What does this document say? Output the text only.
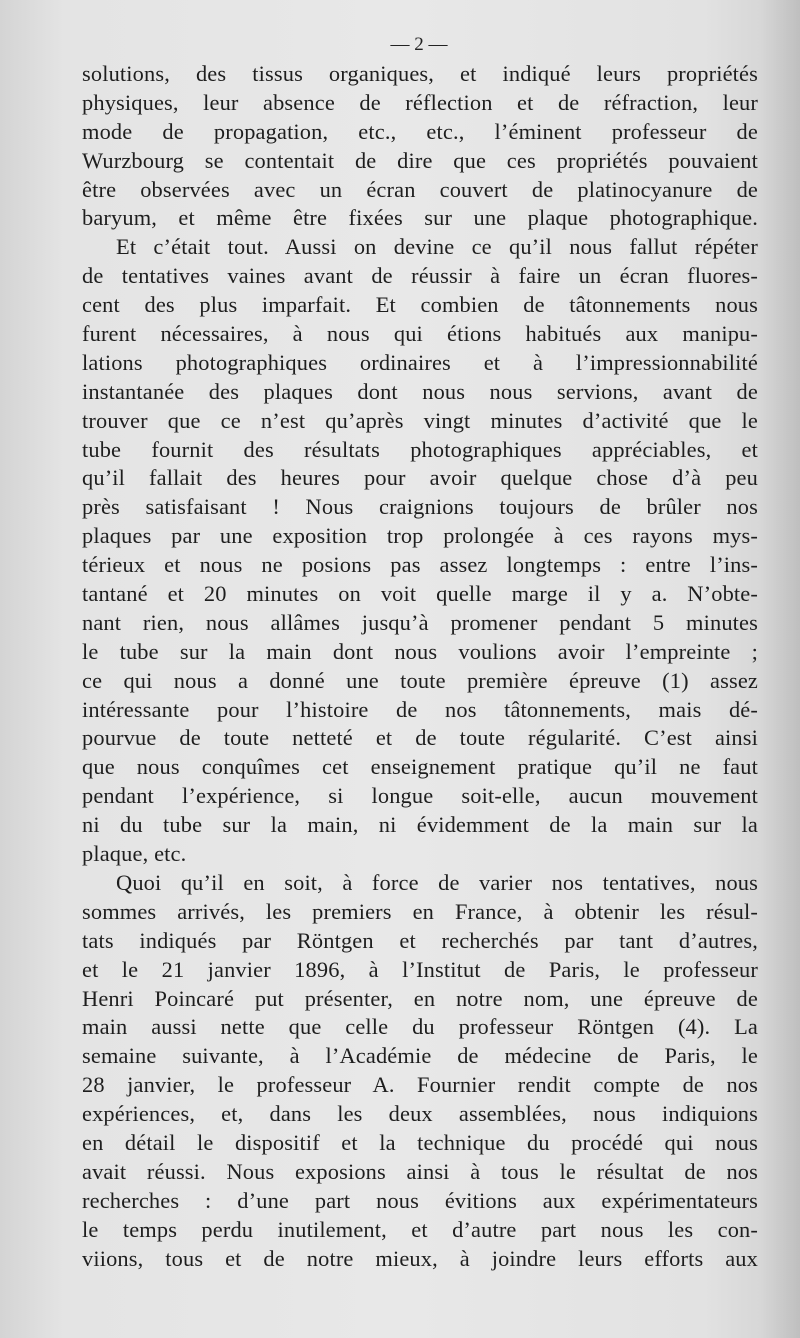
— 2 —
solutions, des tissus organiques, et indiqué leurs propriétés
physiques, leur absence de réflection et de réfraction, leur
mode de propagation, etc., etc., l’éminent professeur de
Wurzbourg se contentait de dire que ces propriétés pouvaient
être observées avec un écran couvert de platinocyanure de
baryum, et même être fixées sur une plaque photographique.
Et c’était tout. Aussi on devine ce qu’il nous fallut répéter
de tentatives vaines avant de réussir à faire un écran fluores-
cent des plus imparfait. Et combien de tâtonnements nous
furent nécessaires, à nous qui étions habitués aux manipu-
lations photographiques ordinaires et à l’impressionnabilité
instantanée des plaques dont nous nous servions, avant de
trouver que ce n’est qu’après vingt minutes d’activité que le
tube fournit des résultats photographiques appréciables, et
qu’il fallait des heures pour avoir quelque chose d’à peu
près satisfaisant ! Nous craignions toujours de brûler nos
plaques par une exposition trop prolongée à ces rayons mys-
térieux et nous ne posions pas assez longtemps : entre l’ins-
tantané et 20 minutes on voit quelle marge il y a. N’obte-
nant rien, nous allâmes jusqu’à promener pendant 5 minutes
le tube sur la main dont nous voulions avoir l’empreinte ;
ce qui nous a donné une toute première épreuve (1) assez
intéressante pour l’histoire de nos tâtonnements, mais dé-
pourvue de toute netteté et de toute régularité. C’est ainsi
que nous conquîmes cet enseignement pratique qu’il ne faut
pendant l’expérience, si longue soit-elle, aucun mouvement
ni du tube sur la main, ni évidemment de la main sur la
plaque, etc.
Quoi qu’il en soit, à force de varier nos tentatives, nous
sommes arrivés, les premiers en France, à obtenir les résul-
tats indiqués par Röntgen et recherchés par tant d’autres,
et le 21 janvier 1896, à l’Institut de Paris, le professeur
Henri Poincaré put présenter, en notre nom, une épreuve de
main aussi nette que celle du professeur Röntgen (4). La
semaine suivante, à l’Académie de médecine de Paris, le
28 janvier, le professeur A. Fournier rendit compte de nos
expériences, et, dans les deux assemblées, nous indiquions
en détail le dispositif et la technique du procédé qui nous
avait réussi. Nous exposions ainsi à tous le résultat de nos
recherches : d’une part nous évitions aux expérimentateurs
le temps perdu inutilement, et d’autre part nous les con-
viions, tous et de notre mieux, à joindre leurs efforts aux
